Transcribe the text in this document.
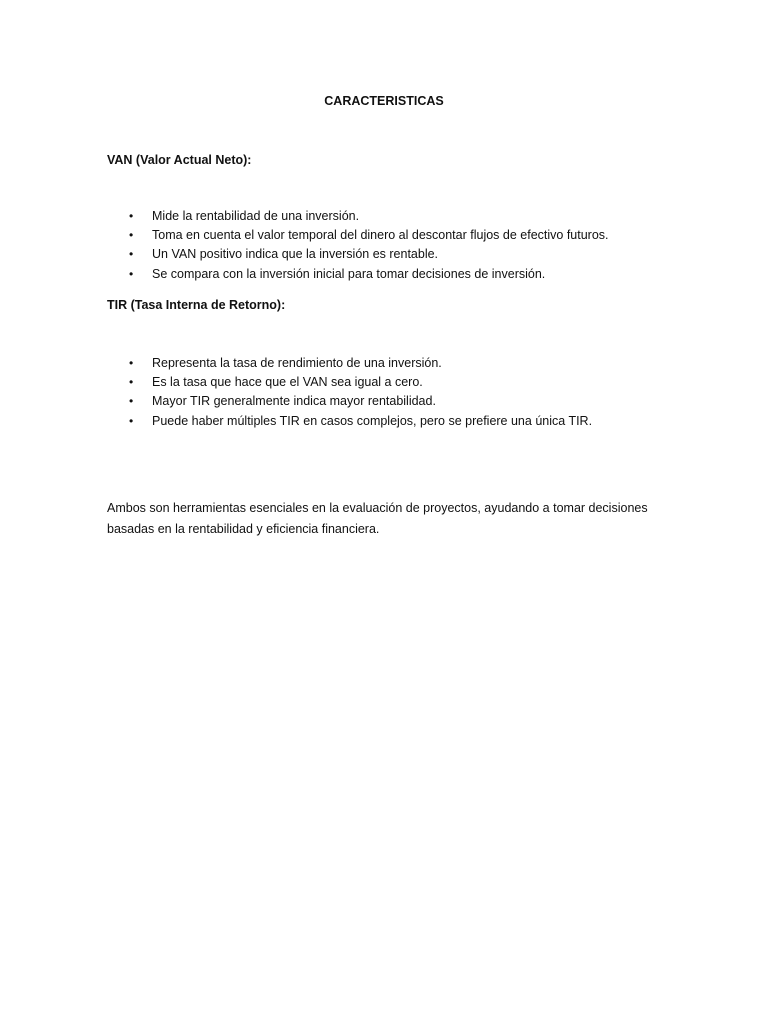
CARACTERISTICAS

VAN (Valor Actual Neto):

• Mide la rentabilidad de una inversión.
• Toma en cuenta el valor temporal del dinero al descontar flujos de efectivo futuros.
• Un VAN positivo indica que la inversión es rentable.
• Se compara con la inversión inicial para tomar decisiones de inversión.

TIR (Tasa Interna de Retorno):

• Representa la tasa de rendimiento de una inversión.
• Es la tasa que hace que el VAN sea igual a cero.
• Mayor TIR generalmente indica mayor rentabilidad.
• Puede haber múltiples TIR en casos complejos, pero se prefiere una única TIR.

Ambos son herramientas esenciales en la evaluación de proyectos, ayudando a tomar decisiones basadas en la rentabilidad y eficiencia financiera.
